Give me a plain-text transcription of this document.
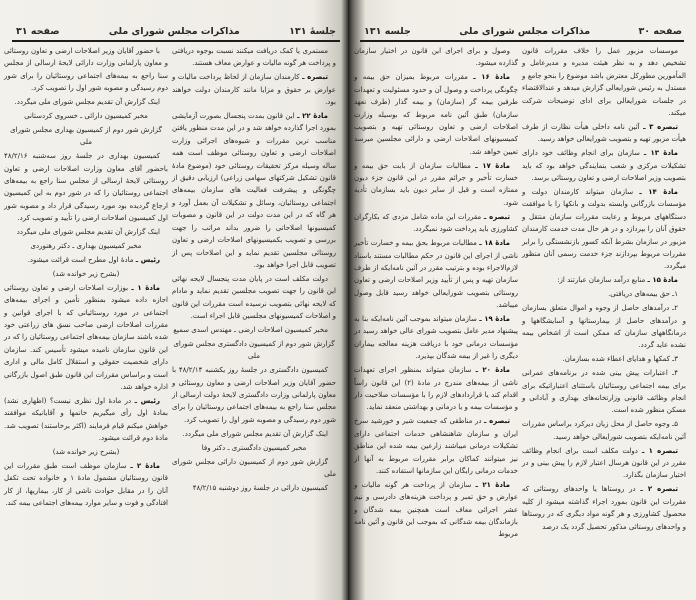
جلسهٔ ۱۳۱
مذاکرات مجلس شورای ملی
صفحه ۳۱

مستمری یا کمک دریافت میکنند نسبت بوجوه دریافتی و پرداخت هر گونه مالیات و عوارض معاف هستند.

تبصره ـ کارمندان سازمان از لحاظ پرداخت مالیات و عوارض بر حقوق و مزایا مانند کارمندان دولت خواهند بود.

مادهٔ ۲۲ ـ این قانون بمدت پنجسال بصورت آزمایشی بمورد اجرا گذارده خواهد شد و در این مدت منظور یافتن مناسب ترین مقررات و شیوه‌های اجرائی وزارت اصلاحات ارضی و تعاون روستائی موظف است همه ساله وسیله مرکز تحقیقات روستائی خود (موضوع مادهٔ قانون تشکیل شرکتهای سهامی زراعی) ارزیابی دقیق از چگونگی و پیشرفت فعالیت های سازمان بیمه‌های اجتماعی روستائیان، وسائل و تشکیلات آن بعمل آورد و هر گاه که در این مدت دولت در این قانون و مصوبات کمیسیونها اصلاحاتی را ضرور بداند مراتب را جهت بررسی و تصویب بکمیسیونهای اصلاحات ارضی و تعاون روستائی مجلسین تقدیم نماید و این اصلاحات پس از تصویب قابل اجرا خواهد بود.

دولت مکلف است در پایان مدت پنجسال لایحه نهائی این قانون را جهت تصویب مجلسین تقدیم نماید و مادام که لایحه نهائی بتصویب نرسیده است مقررات این قانون و اصلاحات کمیسیونهای مجلسین قابل اجراء است.

مخبر کمیسیون اصلاحات ارضی ـ مهندس اسدی سمیع

گزارش شور دوم از کمیسیون دادگستری مجلس شورای ملی

کمیسیون دادگستری در جلسهٔ روز یکشنبه ۴۸/۲/۱۴ با حضور آقایان وزیر اصلاحات ارضی و معاون روستائی و معاون پارلمانی وزارت دادگستری لایحهٔ دولت ارسالی از مجلس سنا راجع به بیمه‌های اجتماعی روستائیان را برای شور دوم رسیدگی و مصوبه شور اول را تصویب کرد.

اینک گزارش آن تقدیم مجلس شورای ملی میگردد.

مخبر کمیسیون دادگستری ـ دکتر وفا

گزارش شور دوم از کمیسیون دارائی مجلس شورای ملی

کمیسیون دارائی در جلسهٔ روز دوشنبه ۴۸/۲/۱۵

با حضور آقایان وزیر اصلاحات ارضی و تعاون روستائی و معاون پارلمانی وزارت دارائی لایحهٔ ارسالی از مجلس سنا راجع به بیمه‌های اجتماعی روستائیان را برای شور دوم رسیدگی و مصوبه شور اول را تصویب کرد.

اینک گزارش آن تقدیم مجلس شورای ملی میگردد.

مخبر کمیسیون دارائی ـ خسروی کردستانی

گزارش شور دوم از کمیسیون بهداری مجلس شورای ملی

کمیسیون بهداری در جلسهٔ روز سه‌شنبه ۴۸/۲/۱۶ باحضور آقای معاون وزارت اصلاحات ارضی و تعاون روستائی لایحهٔ ارسالی از مجلس سنا راجع به بیمه‌های اجتماعی روستائیان را که در شور دوم به این کمیسیون ارجاع گردیده بود مورد رسیدگی قرار داد و مصوبه شور اول کمیسیون اصلاحات ارضی را تأیید و تصویب کرد.

اینک گزارش آن تقدیم مجلس شورای ملی میگردد

مخبر کمیسیون بهداری ـ دکتر رهنوردی

رئیس ـ مادهٔ اول مطرح است قرائت میشود.

(بشرح زیر خوانده شد)

مادهٔ ۱ ـ بوزارت اصلاحات ارضی و تعاون روستائی اجازه داده میشود بمنظور تأمین و اجرای بیمه‌های اجتماعی در مورد روستائیانی که با اجرای قوانین و مقررات اصلاحات ارضی صاحب نسق های زراعتی خود شده باشند سازمان بیمه‌های اجتماعی روستائیان را که در این قانون سازمان نامیده میشود تأسیس کند. سازمان دارای شخصیت حقوقی و استقلال کامل مالی و اداری است و براساس مقررات این قانون طبق اصول بازرگانی اداره خواهد شد.

رئیس ـ در مادهٔ اول نظری نیست؟ (اظهاری نشد) بمادهٔ اول رأی میگیریم خانمها و آقایانیکه موافقند خواهش میکنم قیام فرمایند (اکثر برخاستند) تصویب شد. مادهٔ دوم قرائت میشود.

(بشرح زیر خوانده شد)

مادهٔ ۲ ـ سازمان موظف است طبق مقررات این قانون روستائیان مشمول مادهٔ ۱ و خانواده تحت تکفل آنان را در مقابل حوادث ناشی از کار، بیماریها، از کار افتادگی و فوت و سایر موارد بیمه‌های اجتماعی بیمه کند.

صفحه ۳۰
مذاکرات مجلس شورای ملی
جلسه ۱۳۱

موسسات مزبور عمل را خلاف مقررات قانون تشخیص دهد و به نظر هیئت مدیره و مدیرعامل و المأمورین مطورکل معترض باشد موضوع را بنحو جامع و مستدل به رئیس شورایعالی گزارش میدهد و عندالاقتضاء در جلسات شورایعالی برای ادای توضیحات شرکت میکند.

تبصره ۳ ـ آئین نامه داخلی هیأت نظارت از طرف هیأت مزبور تهیه و بتصویب شورایعالی خواهد رسید.

مادهٔ ۱۳ ـ سازمان برای انجام وظائف خود دارای تشکیلات مرکزی و شعب بنمایندگی خواهد بود که باید بتصویب وزیر اصلاحات ارضی و تعاون روستائی برسد.

مادهٔ ۱۴ ـ سازمان میتواند کارمندان دولت و مؤسسات بازرگانی وابسته بدولت و بانکها را با موافقت دستگاههای مربوط و رعایت مقررات سازمان منتقل و حقوق آنان را بپردازد و در هر حال مدت خدمت کارمندان مزبور در سازمان بشرط آنکه کسور بازنشستگی را برابر مقررات مربوط بپردازند جزء خدمت رسمی آنان منظور میگردد.

مادهٔ ۱۵ ـ منابع درآمد سازمان عبارتند از:

۱ـ حق بیمه‌های دریافتی.

۲ـ درآمدهای حاصل از وجوه و اموال متعلق بسازمان و درآمدهای حاصل از بیمارستانها و آسایشگاهها و درمانگاههای سازمان که ممکن است از اشخاص بیمه نشده عاید گردد.

۳ـ کمکها و هدایای اعطاء شده بسازمان.

۴ـ اعتبارات پیش بینی شده در برنامه‌های عمرانی برای بیمه اجتماعی روستائیان باستثنای اعتباراتیکه برای انجام وظائف قانونی وزارتخانه‌های بهداری و آبادانی و مسکن منظور شده است.

۵ـ وجوه حاصل از محل زیان دیرکرد براساس مقررات آئین نامه‌ایکه بتصویب شورایعالی خواهد رسید.

تبصره ۱ ـ دولت مکلف است برای انجام وظائف مقرر در این قانون هرسال اعتبار لازم را پیش بینی و در اختیار سازمان بگذارد.

تبصره ۲ ـ در روستاها یا واحدهای روستائی که مقررات این قانون بمورد اجراء گذاشته میشود از کلیه محصول کشاورزی و هر گونه مواد دیگری که در روستاها و واحدهای روستائی مذکور تحصیل گردد یک درصد

وصول و برای اجرای این قانون در اختیار سازمان گذارده میشود.

مادهٔ ۱۶ ـ مقررات مربوط بمیزان حق بیمه و چگونگی پرداخت و وصول آن و حدود مسئولیت و تعهدات طرفین بیمه گر (سازمان) و بیمه گذار (طرف تعهد سازمان) طبق آئین نامه مربوط که بوسیله وزارت اصلاحات ارضی و تعاون روستائی تهیه و بتصویب کمیسیونهای اصلاحات ارضی و دارائی مجلسین میرسد تعیین خواهد شد.

مادهٔ ۱۷ ـ مطالبات سازمان از بابت حق بیمه و خسارت تأخیر و جرائم مقرر در این قانون جزء دیون ممتازه است و قبل از سایر دیون باید بسازمان تأدیه شود.

تبصره ـ مقررات این ماده شامل مزدی که بکارگران کشاورزی باید پرداخت شود نمیگردد.

مادهٔ ۱۸ ـ مطالبات مربوط بحق بیمه و خسارت تأخیر ناشی از اجرای این قانون در حکم مطالبات مستند باسناد لازم‌الاجراء بوده و بترتیب مقرر در آئین نامه‌ایکه از طرف سازمان تهیه و پس از تأیید وزیر اصلاحات ارضی و تعاون روستائی بتصویب شورایعالی خواهد رسید قابل وصول میباشد.

مادهٔ ۱۹ ـ سازمان میتواند بموجب آئین نامه‌ایکه بنا به پیشنهاد مدیر عامل بتصویب شورای عالی خواهد رسید در مؤسسات درمانی خود با دریافت هزینه معالجه بیماران دیگری را غیر از بیمه شدگان بپذیرد.

مادهٔ ۲۰ ـ سازمان میتواند بمنظور اجرای تعهدات ناشی از بیمه‌های مندرج در مادهٔ (۲) این قانون راساً اقدام کند یا قراردادهای لازم را با مؤسسات صلاحیت دار و مؤسسات بیمه و یا درمانی و بهداشتی منعقد نماید.

تبصره ـ در مناطقی که جمعیت شیر و خورشید سرخ ایران و سازمان شاهنشاهی خدمات اجتماعی دارای تشکیلات درمانی میباشند زارعین بیمه شده این مناطق نیز میتوانند کماکان برابر مقررات مربوط به آنها از خدمات درمانی رایگان این سازمانها استفاده کنند.

مادهٔ ۲۱ ـ سازمان از پرداخت هر گونه مالیات و عوارض و حق تمبر و پرداخت هزینه‌های دادرسی و نیم عشر اجرائی معاف است همچنین بیمه شدگان و بازماندگان بیمه شدگانی که بموجب این قانون و آئین نامه مربوط
